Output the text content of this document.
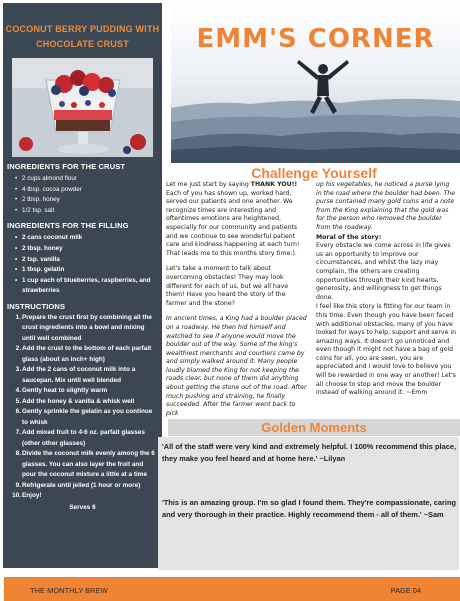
COCONUT BERRY PUDDING WITH CHOCOLATE CRUST
INGREDIENTS FOR THE CRUST
• 2 cups almond flour
• 4 tbsp. cocoa powder
• 2 tbsp. honey
• 1/2 tsp. salt
INGREDIENTS FOR THE FILLING
• 2 cans coconut milk
• 2 tbsp. honey
• 2 tsp. vanilla
• 1 tbsp. gelatin
• 1 cup each of blueberries, raspberries, and strawberries
INSTRUCTIONS
1. Prepare the crust first by combining all the crust ingredients into a bowl and mixing until well combined
2. Add the crust to the bottom of each parfait glass (about an inch+ high)
3. Add the 2 cans of coconut milk into a saucepan. Mix until well blended
4. Gently heat to slightly warm
5. Add the honey & vanilla & whisk well
6. Gently sprinkle the gelatin as you continue to whisk
7. Add mixed fruit to 4-6 oz. parfait glasses (other other glasses)
8. Divide the coconut milk evenly among the 6 glasses. You can also layer the fruit and pour the coconut mixture a little at a time
9. Refrigerate until jelled (1 hour or more)
10. Enjoy!
Serves 6
EMM'S CORNER
Challenge Yourself

Let me just start by saying THANK YOU!! Each of you has shown up, worked hard, served our patients and one another. We recognize times are interesting and oftentimes emotions are heightened, especially for our community and patients and we continue to see wonderful patient care and kindness happening at each turn! That leads me to this months story time:).

Let's take a moment to talk about overcoming obstacles! They may look different for each of us, but we all have them! Have you heard the story of the farmer and the stone?

In ancient times, a King had a boulder placed on a roadway. He then hid himself and watched to see if anyone would move the boulder out of the way. Some of the king's wealthiest merchants and courtiers came by and simply walked around it. Many people loudly blamed the King for not keeping the roads clear, but none of them did anything about getting the stone out of the road. After much pushing and straining, he finally succeeded. After the farmer went back to pick

up his vegetables, he noticed a purse lying in the road where the boulder had been. The purse contained many gold coins and a note from the King explaining that the gold was for the person who removed the boulder from the roadway.

Moral of the story:

Every obstacle we come across in life gives us an opportunity to improve our circumstances, and whilst the lazy may complain, the others are creating opportunities through their kind hearts, generosity, and willingness to get things done.

I feel like this story is fitting for our team in this time. Even though you have been faced with additional obstacles, many of you have looked for ways to help, support and serve in amazing ways. It doesn't go unnoticed and even though it might not have a bag of gold coins for all, you are seen, you are appreciated and I would love to believe you will be rewarded in one way or another! Let's all choose to stop and move the boulder instead of walking around it. ~Emm

Golden Moments
'All of the staff were very kind and extremely helpful. I 100% recommend this place, they make you feel heard and at home here.' ~Lilyan
'This is an amazing group. I'm so glad I found them. They're compassionate, caring and very thorough in their practice. Highly recommend them - all of them.' ~Sam
THE MONTHLY BREW	PAGE 04
